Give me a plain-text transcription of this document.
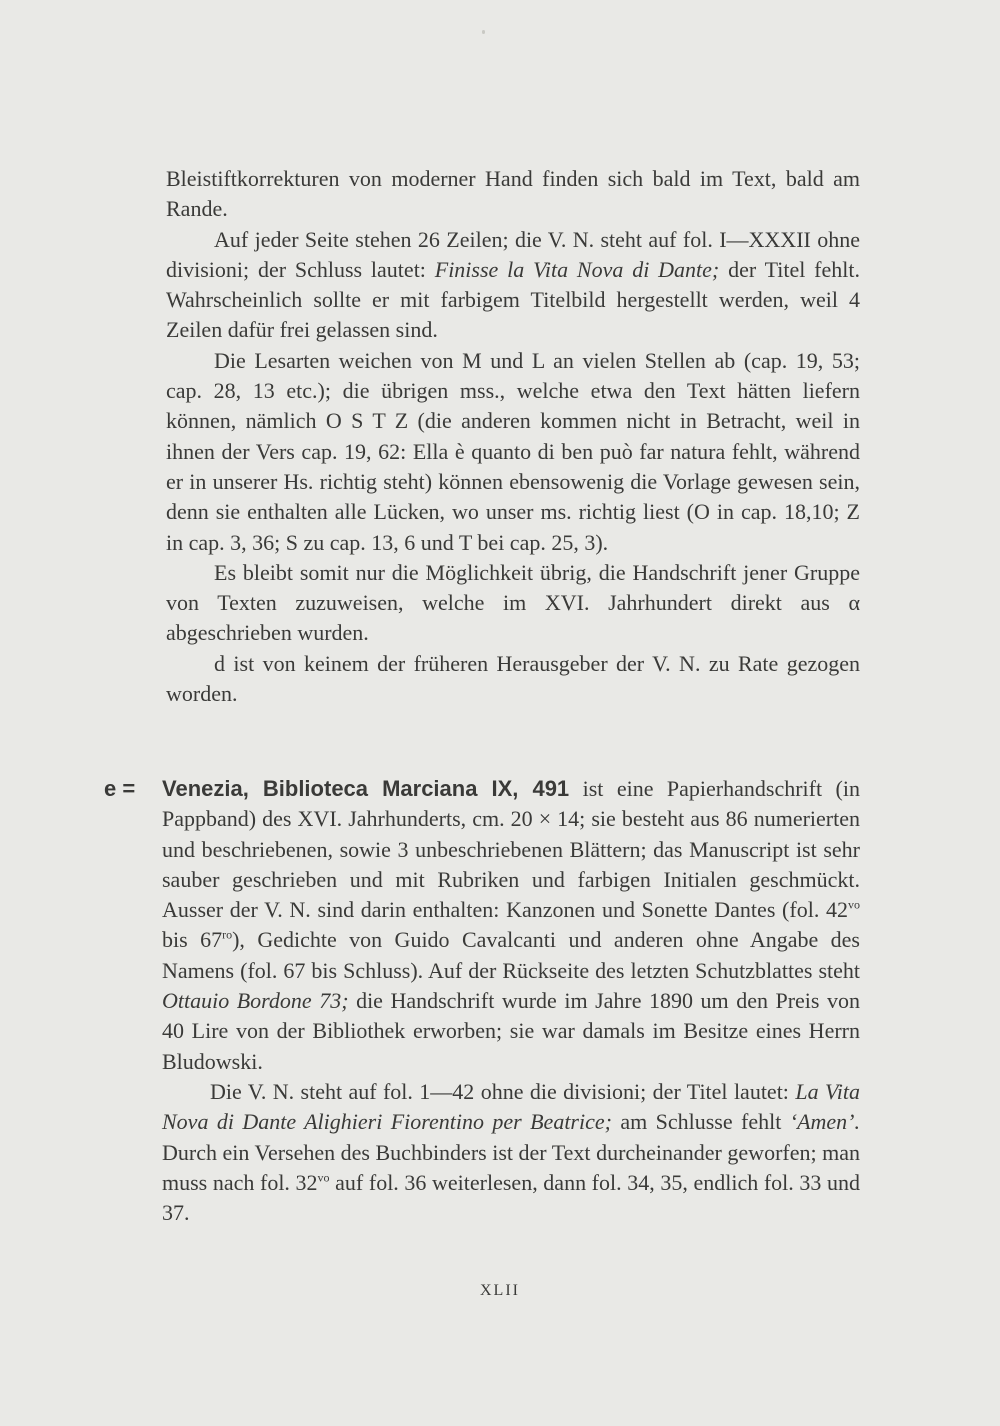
Bleistiftkorrekturen von moderner Hand finden sich bald im Text, bald am Rande.

Auf jeder Seite stehen 26 Zeilen; die V. N. steht auf fol. I—XXXII ohne divisioni; der Schluss lautet: Finisse la Vita Nova di Dante; der Titel fehlt. Wahrscheinlich sollte er mit farbigem Titelbild hergestellt werden, weil 4 Zeilen dafür frei gelassen sind.

Die Lesarten weichen von M und L an vielen Stellen ab (cap. 19, 53; cap. 28, 13 etc.); die übrigen mss., welche etwa den Text hätten liefern können, nämlich O S T Z (die anderen kommen nicht in Betracht, weil in ihnen der Vers cap. 19, 62: Ella è quanto di ben può far natura fehlt, während er in unserer Hs. richtig steht) können ebensowenig die Vorlage gewesen sein, denn sie enthalten alle Lücken, wo unser ms. richtig liest (O in cap. 18,10; Z in cap. 3, 36; S zu cap. 13, 6 und T bei cap. 25, 3).

Es bleibt somit nur die Möglichkeit übrig, die Handschrift jener Gruppe von Texten zuzuweisen, welche im XVI. Jahrhundert direkt aus α abgeschrieben wurden.

d ist von keinem der früheren Herausgeber der V. N. zu Rate gezogen worden.

e = Venezia, Biblioteca Marciana IX, 491 ist eine Papierhandschrift (in Pappband) des XVI. Jahrhunderts, cm. 20 × 14; sie besteht aus 86 numerierten und beschriebenen, sowie 3 unbeschriebenen Blättern; das Manuscript ist sehr sauber geschrieben und mit Rubriken und farbigen Initialen geschmückt. Ausser der V. N. sind darin enthalten: Kanzonen und Sonette Dantes (fol. $42^{vo}$ bis $67^{ro}$), Gedichte von Guido Cavalcanti und anderen ohne Angabe des Namens (fol. 67 bis Schluss). Auf der Rückseite des letzten Schutzblattes steht Ottauio Bordone 73; die Handschrift wurde im Jahre 1890 um den Preis von 40 Lire von der Bibliothek erworben; sie war damals im Besitze eines Herrn Bludowski.

Die V. N. steht auf fol. 1—42 ohne die divisioni; der Titel lautet: La Vita Nova di Dante Alighieri Fiorentino per Beatrice; am Schlusse fehlt ‘Amen’. Durch ein Versehen des Buchbinders ist der Text durcheinander geworfen; man muss nach fol. $32^{vo}$ auf fol. 36 weiterlesen, dann fol. 34, 35, endlich fol. 33 und 37.

XLII
